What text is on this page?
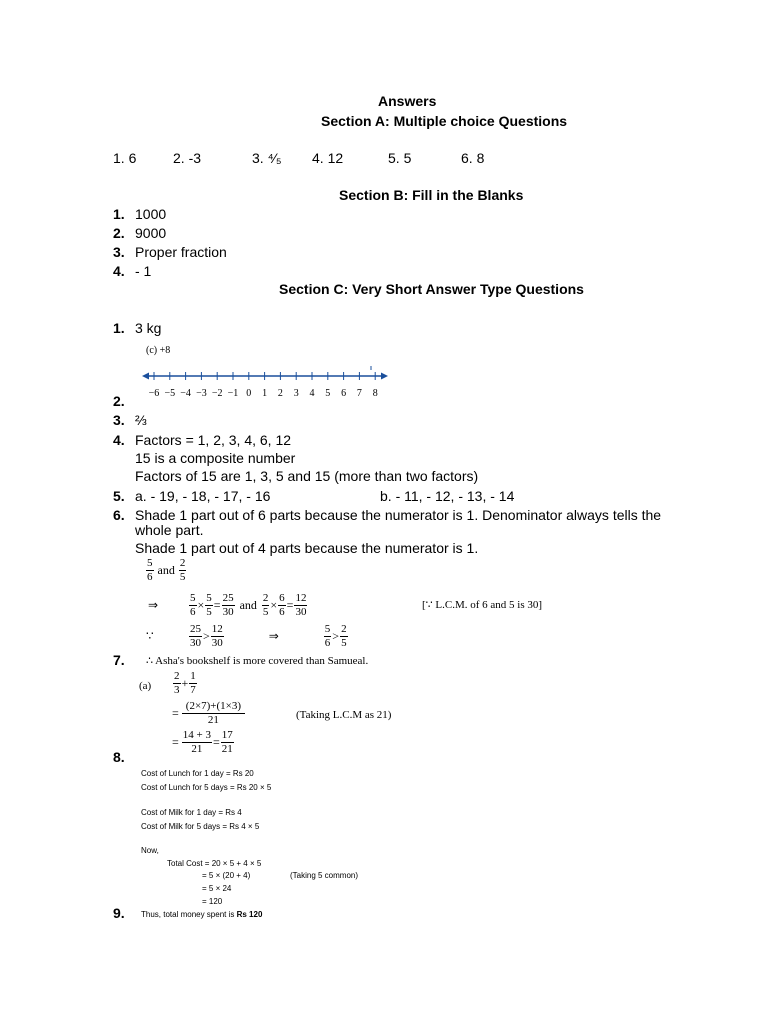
Answers
Section A: Multiple choice Questions
1. 6	2. -3	3. ⁴⁄₅ 4. 12	5. 5	6. 8
Section B: Fill in the Blanks
1. 1000
2. 9000
3. Proper fraction
4. - 1
Section C: Very Short Answer Type Questions
1. 3 kg
(c) +8
−6 −5 −4 −3 −2 −1 0 1 2 3 4 5 6 7 8
2.
3. ⅔
4. Factors = 1, 2, 3, 4, 6, 12
15 is a composite number
Factors of 15 are 1, 3, 5 and 15 (more than two factors)
5. a. - 19, - 18, - 17, - 16	b. - 11, - 12, - 13, - 14
6. Shade 1 part out of 6 parts because the numerator is 1. Denominator always tells the
whole part.
Shade 1 part out of 4 parts because the numerator is 1.
$\frac{5}{6}$ and $\frac{2}{5}$
⇒	$\frac{5}{6} \times \frac{5}{5} = \frac{25}{30}$ and $\frac{2}{5} \times \frac{6}{6} = \frac{12}{30}$	[∵ L.C.M. of 6 and 5 is 30]
∵	$\frac{25}{30} > \frac{12}{30}$	⇒	$\frac{5}{6} > \frac{2}{5}$
7. ∴ Asha's bookshelf is more covered than Samueal.
$(a) \frac{2}{3} + \frac{1}{7}$
= $\frac{(2\times 7)+(1\times 3)}{21}$	(Taking L.C.M as 21)
= $\frac{14 + 3}{21} = \frac{17}{21}$
8.
Cost of Lunch for 1 day = Rs 20
Cost of Lunch for 5 days = Rs 20 × 5
Cost of Milk for 1 day = Rs 4
Cost of Milk for 5 days = Rs 4 × 5
Now,
Total Cost = 20 × 5 + 4 × 5
= 5 × (20 + 4)	(Taking 5 common)
= 5 × 24
= 120
Thus, total money spent is Rs 120
9.
